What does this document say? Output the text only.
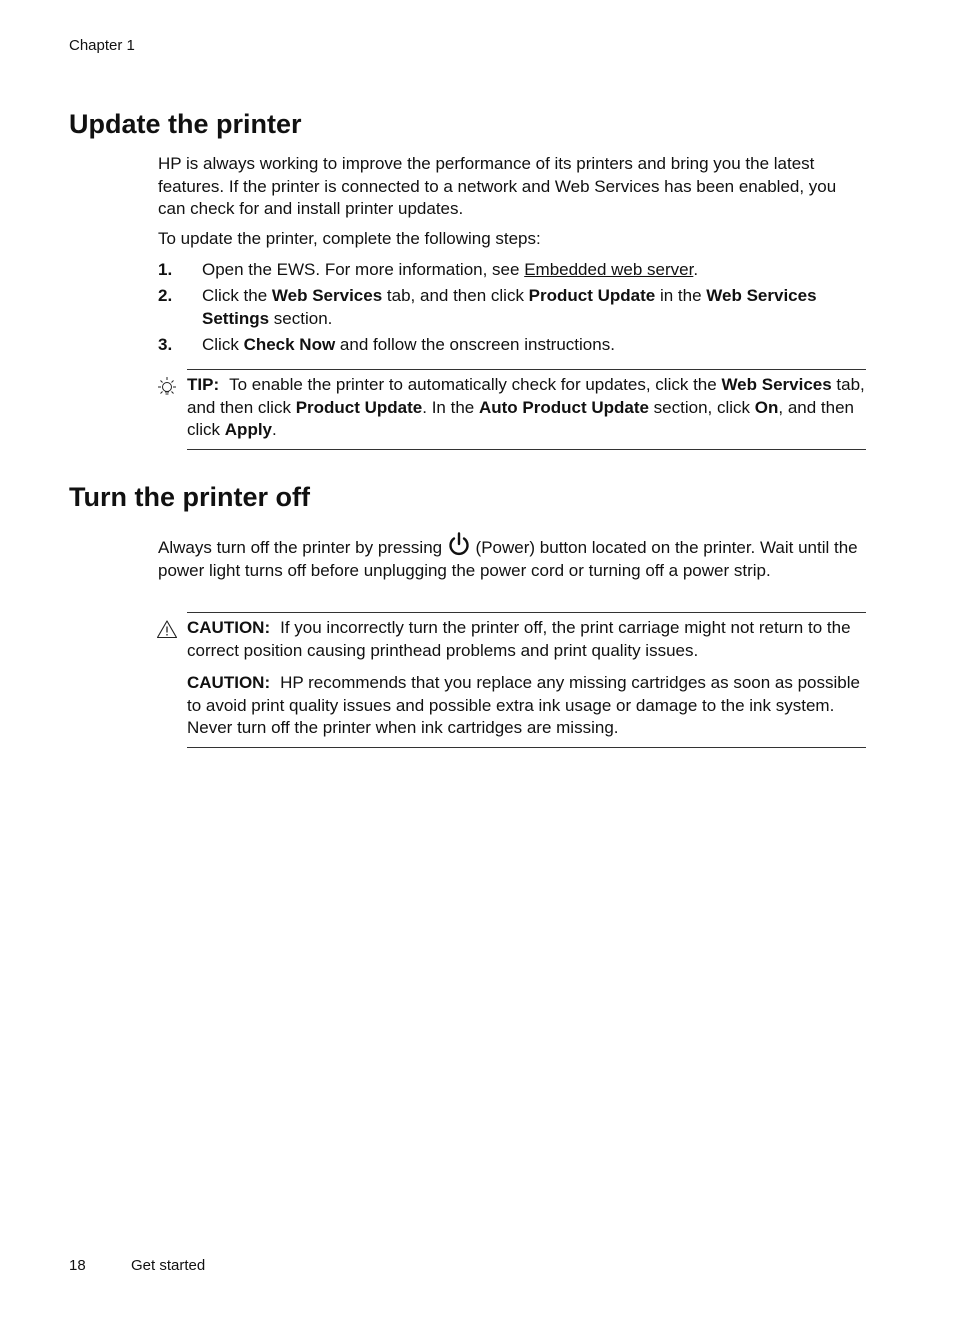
Chapter 1
Update the printer
HP is always working to improve the performance of its printers and bring you the latest features. If the printer is connected to a network and Web Services has been enabled, you can check for and install printer updates.
To update the printer, complete the following steps:
1. Open the EWS. For more information, see Embedded web server.
2. Click the Web Services tab, and then click Product Update in the Web Services Settings section.
3. Click Check Now and follow the onscreen instructions.
TIP: To enable the printer to automatically check for updates, click the Web Services tab, and then click Product Update. In the Auto Product Update section, click On, and then click Apply.
Turn the printer off
Always turn off the printer by pressing  (Power) button located on the printer. Wait until the power light turns off before unplugging the power cord or turning off a power strip.
CAUTION: If you incorrectly turn the printer off, the print carriage might not return to the correct position causing printhead problems and print quality issues.
CAUTION: HP recommends that you replace any missing cartridges as soon as possible to avoid print quality issues and possible extra ink usage or damage to the ink system. Never turn off the printer when ink cartridges are missing.
18	Get started
